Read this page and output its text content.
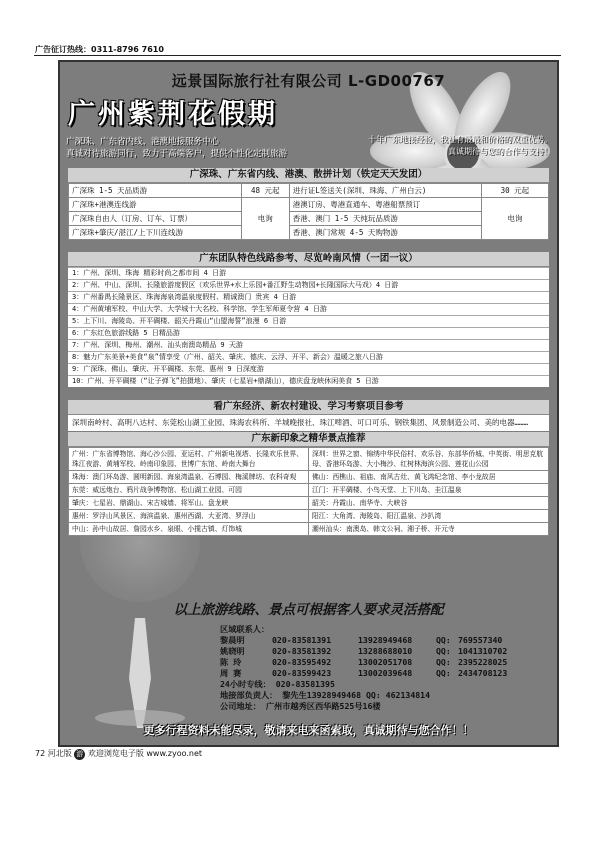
广告征订热线：0311-8796 7610
远景国际旅行社有限公司 L-GD00767
广州紫荆花假期
广深珠、广东省内线、港澳地接服务中心
真诚对待旅游同行，致力于高端客户，提供个性化定制旅游
十年广东地接经验，我社有最最和价格的双重优势。
真诚期待与您的合作与支持！
广深珠、广东省内线、港澳、散拼计划（铁定天天发团）
广深珠 1-5 天品质游	48 元起	进行证L签送关(深圳、珠海、广州白云)	30 元起
广深珠+港澳连线游	电询	港澳订房、粤港直通车、粤港船票预订	电询
广深珠自由人（订房、订车、订票）		香港、澳门 1-5 天纯玩品质游	
广深珠+肇庆/湛江/上下川连线游		香港、澳门常规 4-5 天购物游	
广东团队特色线路参考、尽览岭南风情（一团一议）
1：广州、深圳、珠海 精彩时尚之都市间 4 日游
2：广州、中山、深圳、长隆旅游度假区（欢乐世界+水上乐园+番江野生动物园+长隆国际大马戏）4 日游
3：广州番禺长隆景区、珠海海泉湾温泉度假村、精诚澳门 贵宾 4 日游
4：广州黄埔军校、中山大学、大学城十大名校、科学馆、学生军师夏令营 4 日游
5：上下川、海陵岛、开平碉楼、韶关丹霞山“山盟海誓”浪漫 6 日游
6：广东红色旅游线路 5 日精品游
7：广州、深圳、梅州、潮州、汕头南澳岛精品 9 天游
8：魅力广东美景+美食“泉”情享受（广州、韶关、肇庆、德庆、云浮、开平、新会）温暖之旅八日游
9：广深珠、佛山、肇庆、开平碉楼、东莞、惠州 9 日深度游
10：广州、开平碉楼（“让子弹飞”拍摄地）、肇庆（七星岩+鼎湖山），德庆盘龙峡休闲美食 5 日游
看广东经济、新农村建设、学习考察项目参考
深圳南岭村、高明八达村、东莞松山湖工业园、珠海农科所、羊城晚报社、珠江啤酒、可口可乐、钢铁集团、风景制造公司、美的电器………
广东新印象之精华景点推荐
广州：广东省博物馆、海心沙公园、亚运村、广州新电视塔、长隆欢乐世界、珠江夜游、黄埔军校、岭南印象园、世博广东馆、岭南大舞台	深圳：世界之窗、锦绣中华民俗村、欢乐谷、东部华侨城、中英街、明思克航母、香港环岛游、大小梅沙、红树林海滨公园、莲花山公园
珠海：澳门环岛游、圆明新园、海泉湾温泉、石博园、梅溪牌坊、农科奇观	佛山：西樵山、祖庙、南风古灶、黄飞鸿纪念馆、李小龙故居
东莞：威远炮台、鸦片战争博物馆、松山湖工业园、可园	江门：开平碉楼、小鸟天堂、上下川岛、圭江温泉
肇庆：七星岩、鼎湖山、宋古城墙、将军山、盘龙峡	韶关：丹霞山、南华寺、大峡谷
惠州：罗浮山风景区、海滨温泉、惠州西湖、大亚湾、罗浮山	阳江：大角湾、海陵岛、阳江温泉、沙扒湾
中山：孙中山故居、詹园水乡、泉眼、小揽古镇、灯饰城	潮州汕头：南澳岛、韩文公祠、湘子桥、开元寺
以上旅游线路、景点可根据客人要求灵活搭配
区域联系人：
黎晨明	020-83581391	13928949468	QQ: 769557340
姚晓明	020-83581392	13288688010	QQ: 1041310702
陈 玲	020-83595492	13002051708	QQ: 2395228025
周 赛	020-83599423	13002039648	QQ: 2434708123
24小时专线： 020-83581395
地接部负责人： 黎先生13928949468 QQ: 462134814
公司地址： 广州市越秀区西华路525号16楼
更多行程资料未能尽录，敬请来电来函索取，真诚期待与您合作！！
72 河北版 游 欢迎浏览电子版 www.zyoo.net
